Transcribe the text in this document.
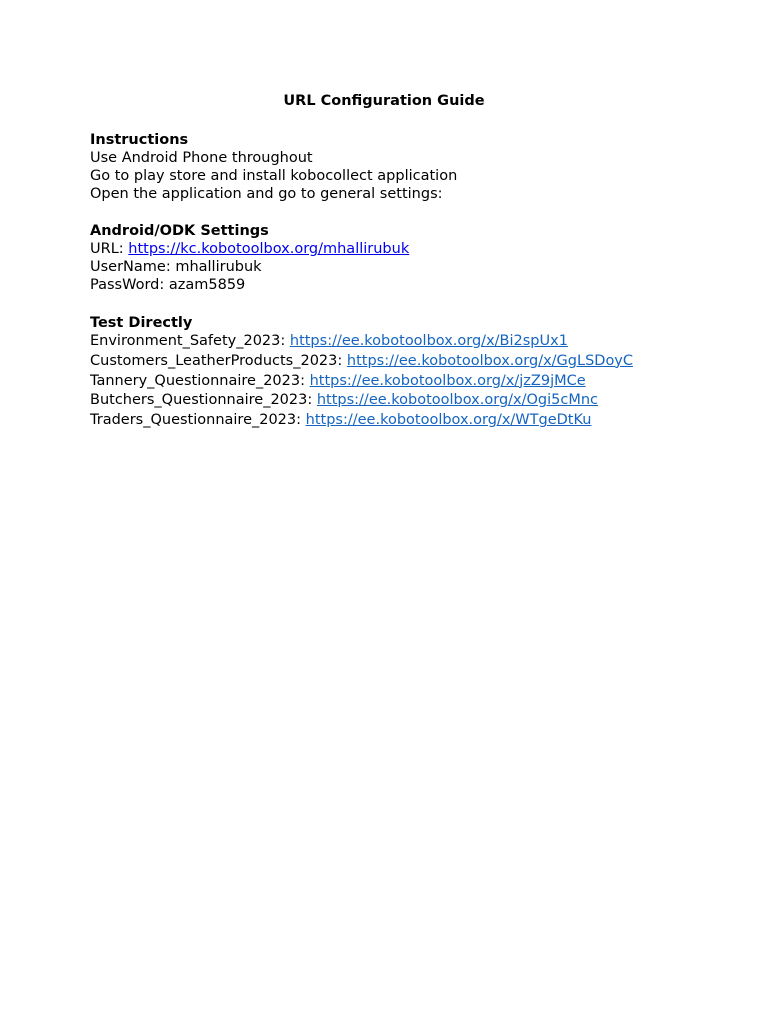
URL Configuration Guide
Instructions
Use Android Phone throughout
Go to play store and install kobocollect application
Open the application and go to general settings:
Android/ODK Settings
URL: https://kc.kobotoolbox.org/mhallirubuk
UserName: mhallirubuk
PassWord: azam5859
Test Directly
Environment_Safety_2023: https://ee.kobotoolbox.org/x/Bi2spUx1
Customers_LeatherProducts_2023: https://ee.kobotoolbox.org/x/GgLSDoyC
Tannery_Questionnaire_2023: https://ee.kobotoolbox.org/x/jzZ9jMCe
Butchers_Questionnaire_2023: https://ee.kobotoolbox.org/x/Ogi5cMnc
Traders_Questionnaire_2023: https://ee.kobotoolbox.org/x/WTgeDtKu
